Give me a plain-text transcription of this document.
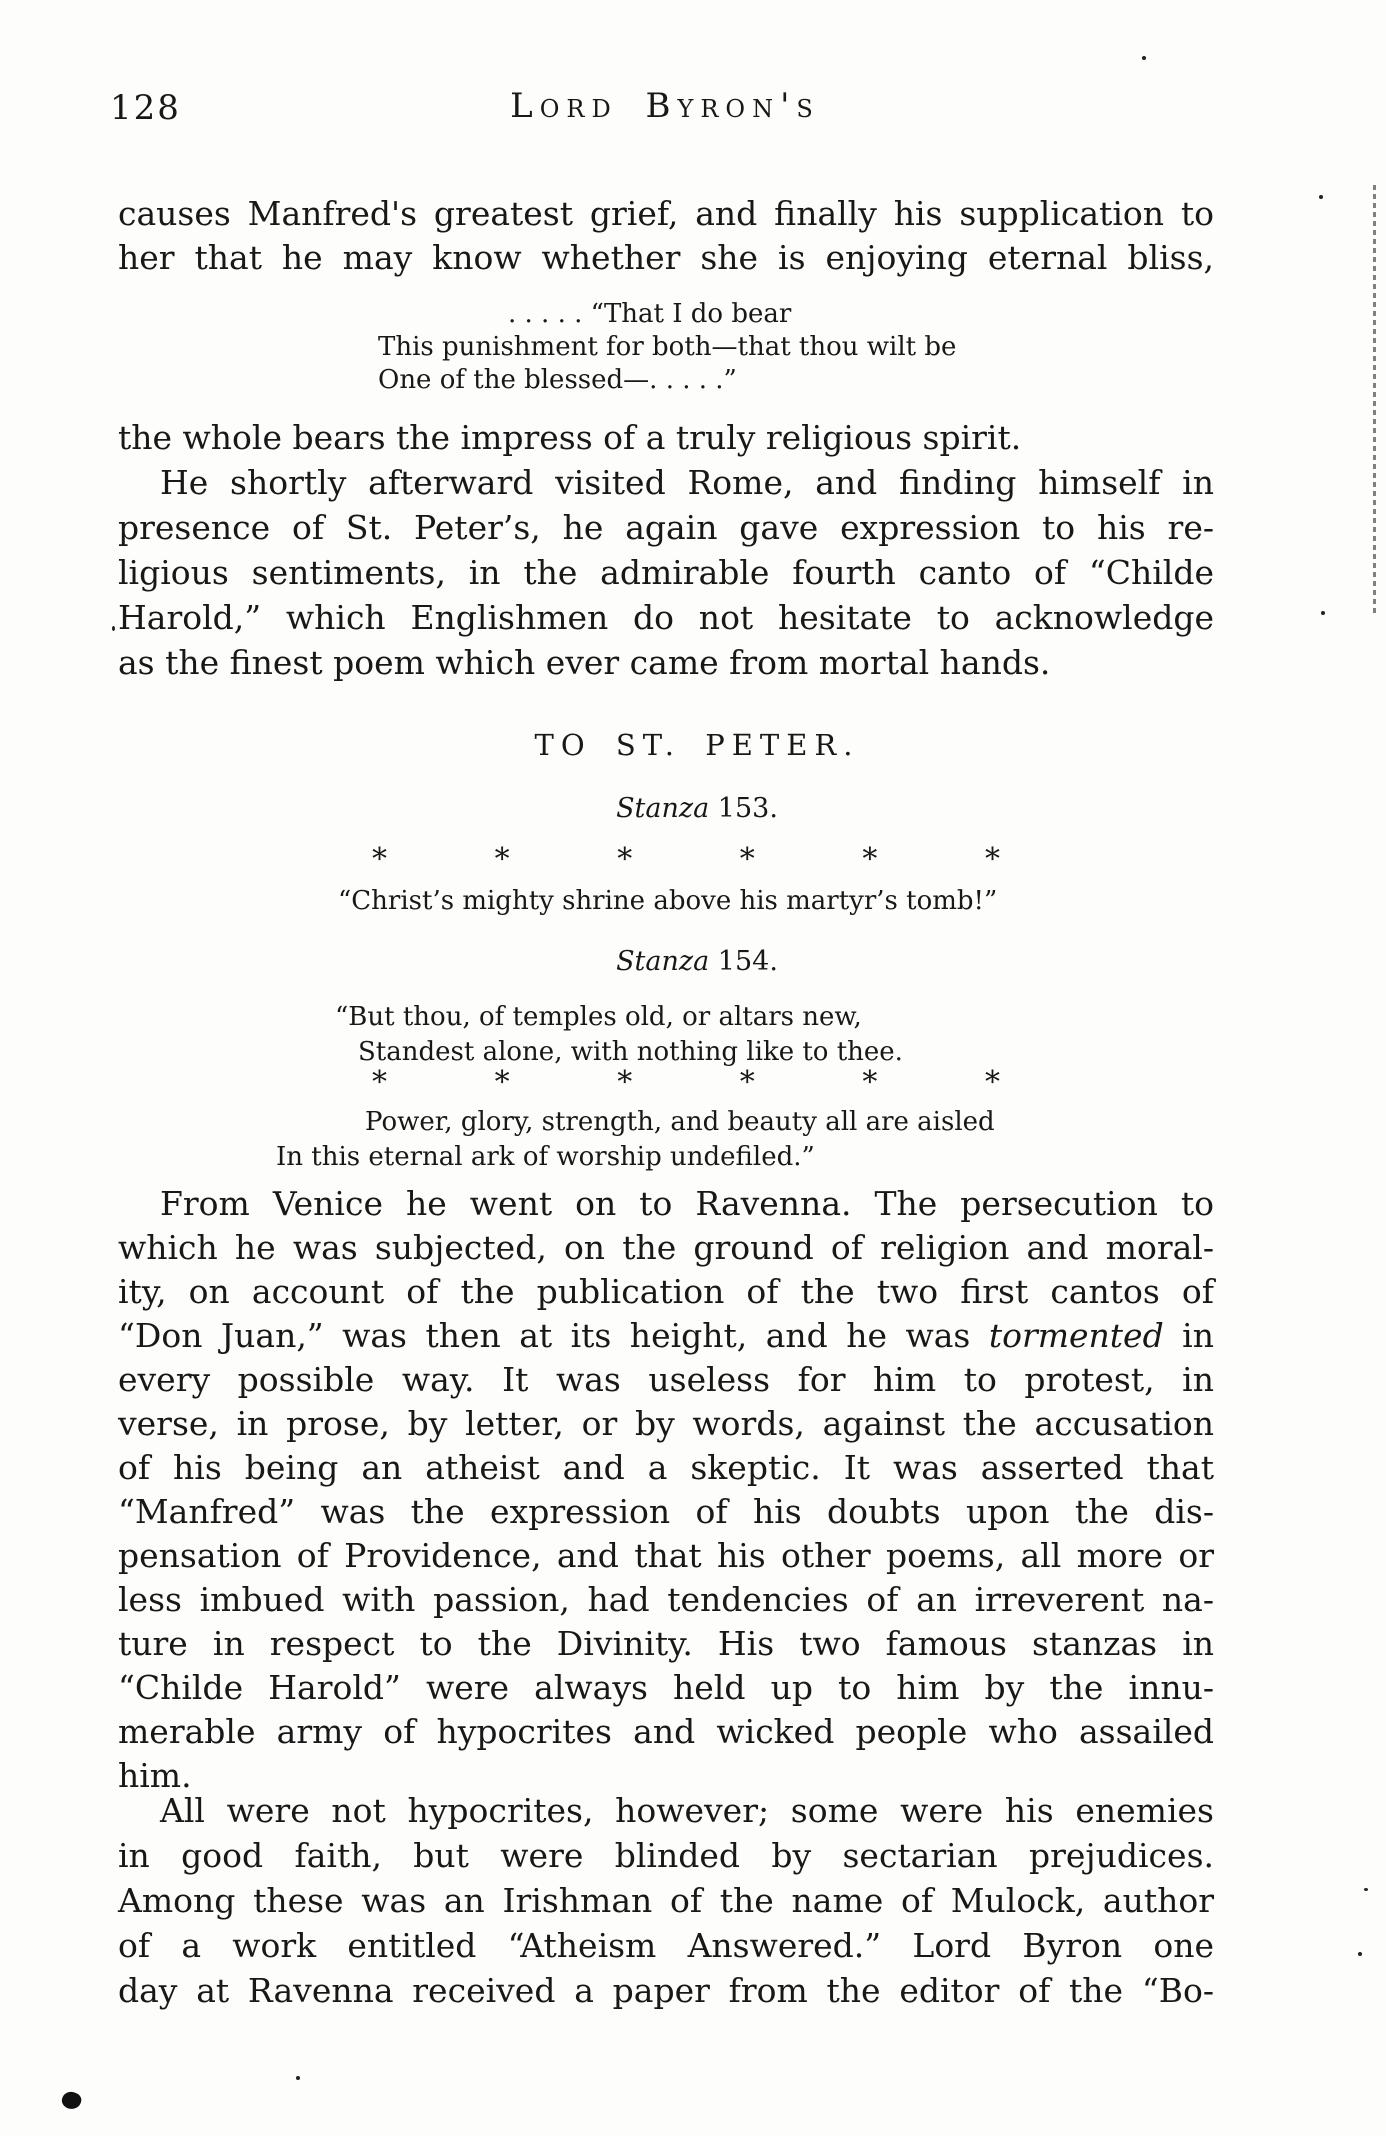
128	Lord Byron's
causes Manfred's greatest grief, and finally his supplication to
her that he may know whether she is enjoying eternal bliss,
. . . . . “That I do bear
This punishment for both—that thou wilt be
One of the blessed—. . . . .”
the whole bears the impress of a truly religious spirit.
He shortly afterward visited Rome, and finding himself in
presence of St. Peter’s, he again gave expression to his re-
ligious sentiments, in the admirable fourth canto of “Childe
Harold,” which Englishmen do not hesitate to acknowledge
as the finest poem which ever came from mortal hands.
TO ST. PETER.
Stanza 153.
*	*	*	*	*	*
“Christ’s mighty shrine above his martyr’s tomb!”
Stanza 154.
“But thou, of temples old, or altars new,
Standest alone, with nothing like to thee.
*	*	*	*	*	*
Power, glory, strength, and beauty all are aisled
In this eternal ark of worship undefiled.”
From Venice he went on to Ravenna. The persecution to
which he was subjected, on the ground of religion and moral-
ity, on account of the publication of the two first cantos of
“Don Juan,” was then at its height, and he was tormented in
every possible way. It was useless for him to protest, in
verse, in prose, by letter, or by words, against the accusation
of his being an atheist and a skeptic. It was asserted that
“Manfred” was the expression of his doubts upon the dis-
pensation of Providence, and that his other poems, all more or
less imbued with passion, had tendencies of an irreverent na-
ture in respect to the Divinity. His two famous stanzas in
“Childe Harold” were always held up to him by the innu-
merable army of hypocrites and wicked people who assailed
him.
All were not hypocrites, however; some were his enemies
in good faith, but were blinded by sectarian prejudices.
Among these was an Irishman of the name of Mulock, author
of a work entitled “Atheism Answered.” Lord Byron one
day at Ravenna received a paper from the editor of the “Bo-
